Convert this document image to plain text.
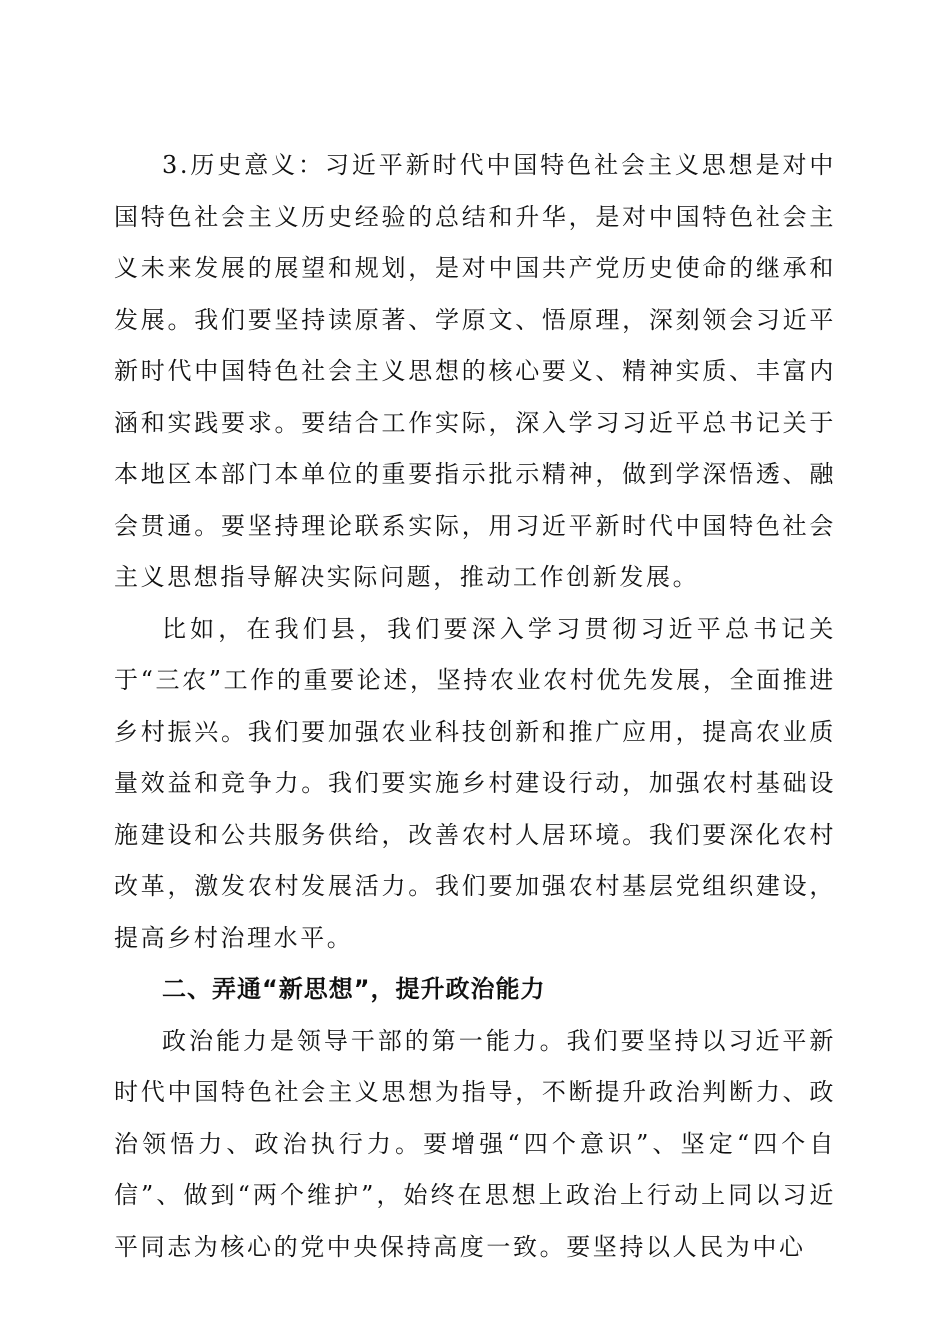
3.历史意义：习近平新时代中国特色社会主义思想是对中国特色社会主义历史经验的总结和升华，是对中国特色社会主义未来发展的展望和规划，是对中国共产党历史使命的继承和发展。我们要坚持读原著、学原文、悟原理，深刻领会习近平新时代中国特色社会主义思想的核心要义、精神实质、丰富内涵和实践要求。要结合工作实际，深入学习习近平总书记关于本地区本部门本单位的重要指示批示精神，做到学深悟透、融会贯通。要坚持理论联系实际，用习近平新时代中国特色社会主义思想指导解决实际问题，推动工作创新发展。

比如，在我们县，我们要深入学习贯彻习近平总书记关于“三农”工作的重要论述，坚持农业农村优先发展，全面推进乡村振兴。我们要加强农业科技创新和推广应用，提高农业质量效益和竞争力。我们要实施乡村建设行动，加强农村基础设施建设和公共服务供给，改善农村人居环境。我们要深化农村改革，激发农村发展活力。我们要加强农村基层党组织建设，提高乡村治理水平。

二、弄通“新思想”，提升政治能力

政治能力是领导干部的第一能力。我们要坚持以习近平新时代中国特色社会主义思想为指导，不断提升政治判断力、政治领悟力、政治执行力。要增强“四个意识”、坚定“四个自信”、做到“两个维护”，始终在思想上政治上行动上同以习近平同志为核心的党中央保持高度一致。要坚持以人民为中心
